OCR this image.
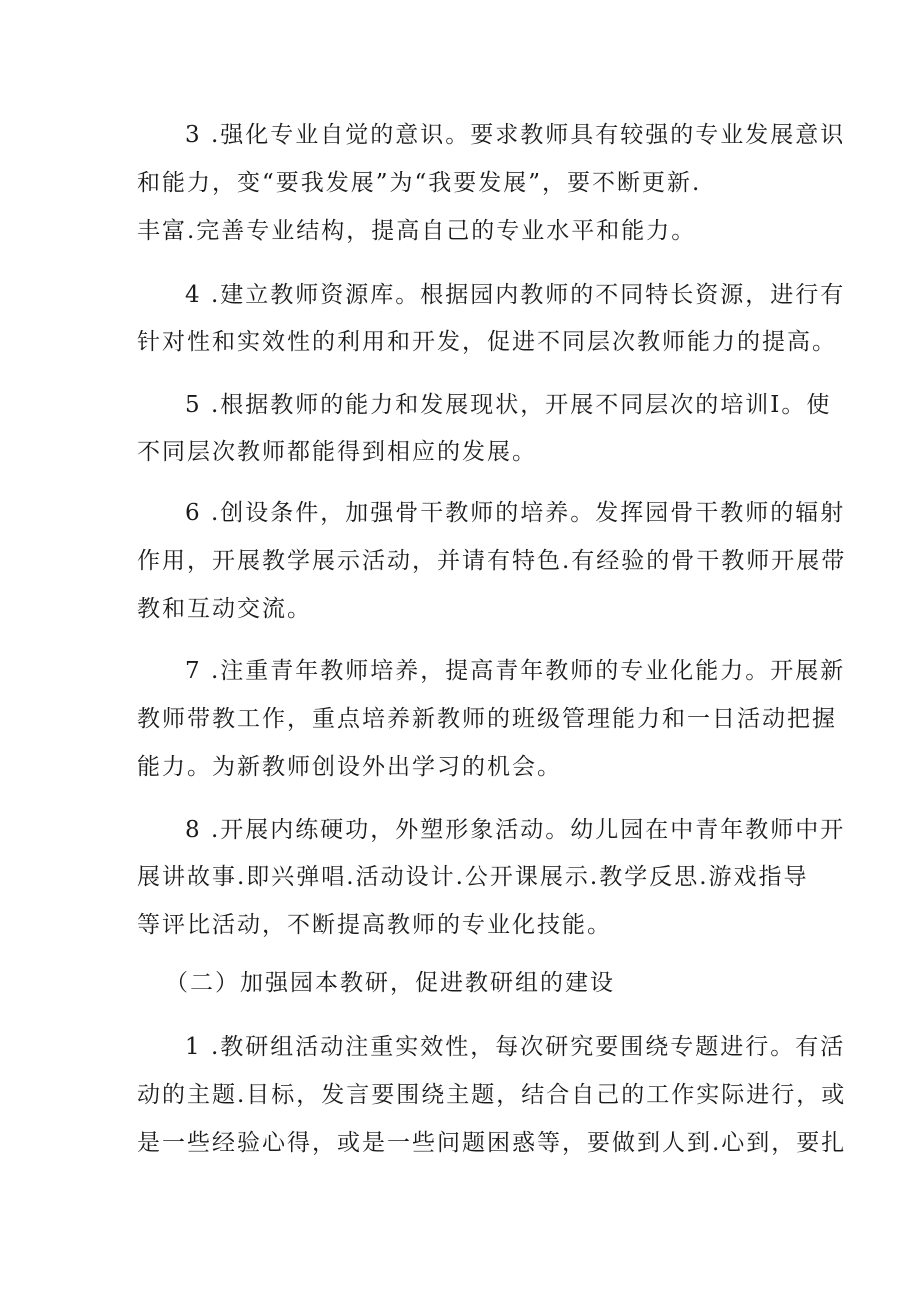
3 .强化专业自觉的意识。要求教师具有较强的专业发展意识
和能力，变“要我发展”为“我要发展”，要不断更新.
丰富.完善专业结构，提高自己的专业水平和能力。
4 .建立教师资源库。根据园内教师的不同特长资源，进行有
针对性和实效性的利用和开发，促进不同层次教师能力的提高。
5 .根据教师的能力和发展现状，开展不同层次的培训I。使
不同层次教师都能得到相应的发展。
6 .创设条件，加强骨干教师的培养。发挥园骨干教师的辐射
作用，开展教学展示活动，并请有特色.有经验的骨干教师开展带
教和互动交流。
7 .注重青年教师培养，提高青年教师的专业化能力。开展新
教师带教工作，重点培养新教师的班级管理能力和一日活动把握
能力。为新教师创设外出学习的机会。
8 .开展内练硬功，外塑形象活动。幼儿园在中青年教师中开
展讲故事.即兴弹唱.活动设计.公开课展示.教学反思.游戏指导
等评比活动，不断提高教师的专业化技能。
（二）加强园本教研，促进教研组的建设
1 .教研组活动注重实效性，每次研究要围绕专题进行。有活
动的主题.目标，发言要围绕主题，结合自己的工作实际进行，或
是一些经验心得，或是一些问题困惑等，要做到人到.心到，要扎
